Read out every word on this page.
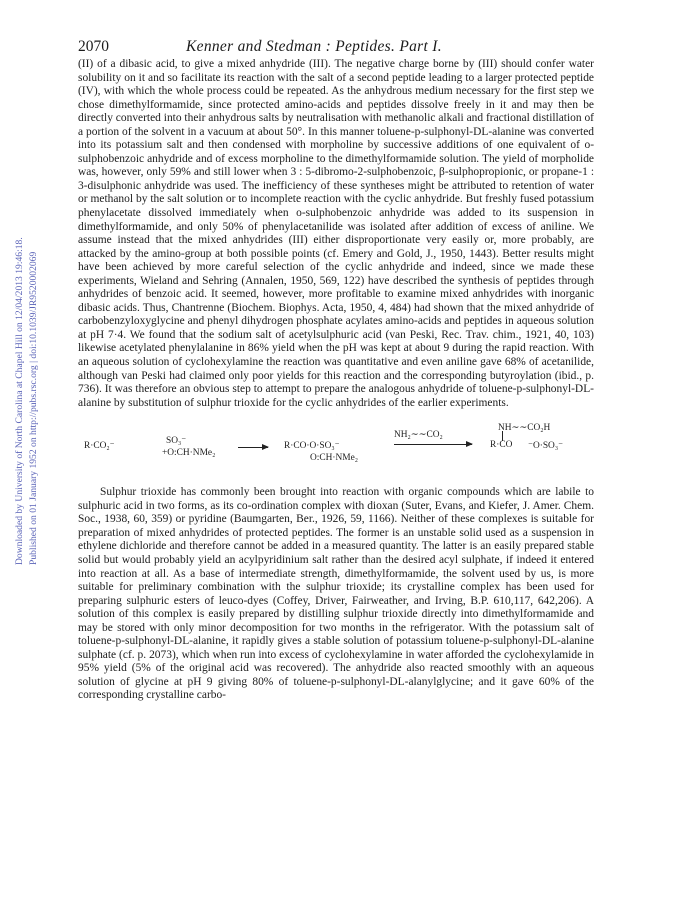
Downloaded by University of North Carolina at Chapel Hill on 12/04/2013 19:46:18. Published on 01 January 1952 on http://pubs.rsc.org | doi:10.1039/JR9520002069
2070	Kenner and Stedman : Peptides. Part I.

(II) of a dibasic acid, to give a mixed anhydride (III). The negative charge borne by (III) should confer water solubility on it and so facilitate its reaction with the salt of a second peptide leading to a larger protected peptide (IV), with which the whole process could be repeated. As the anhydrous medium necessary for the first step we chose dimethylformamide, since protected amino-acids and peptides dissolve freely in it and may then be directly converted into their anhydrous salts by neutralisation with methanolic alkali and fractional distillation of a portion of the solvent in a vacuum at about 50°. In this manner toluene-p-sulphonyl-DL-alanine was converted into its potassium salt and then condensed with morpholine by successive additions of one equivalent of o-sulphobenzoic anhydride and of excess morpholine to the dimethylformamide solution. The yield of morpholide was, however, only 59% and still lower when 3 : 5-dibromo-2-sulphobenzoic, β-sulphopropionic, or propane-1 : 3-disulphonic anhydride was used. The inefficiency of these syntheses might be attributed to retention of water or methanol by the salt solution or to incomplete reaction with the cyclic anhydride. But freshly fused potassium phenylacetate dissolved immediately when o-sulphobenzoic anhydride was added to its suspension in dimethylformamide, and only 50% of phenylacetanilide was isolated after addition of excess of aniline. We assume instead that the mixed anhydrides (III) either disproportionate very easily or, more probably, are attacked by the amino-group at both possible points (cf. Emery and Gold, J., 1950, 1443). Better results might have been achieved by more careful selection of the cyclic anhydride and indeed, since we made these experiments, Wieland and Sehring (Annalen, 1950, 569, 122) have described the synthesis of peptides through anhydrides of benzoic acid. It seemed, however, more profitable to examine mixed anhydrides with inorganic dibasic acids. Thus, Chantrenne (Biochem. Biophys. Acta, 1950, 4, 484) had shown that the mixed anhydride of carbobenzyloxyglycine and phenyl dihydrogen phosphate acylates amino-acids and peptides in aqueous solution at pH 7·4. We found that the sodium salt of acetylsulphuric acid (van Peski, Rec. Trav. chim., 1921, 40, 103) likewise acetylated phenylalanine in 86% yield when the pH was kept at about 9 during the rapid reaction. With an aqueous solution of cyclohexylamine the reaction was quantitative and even aniline gave 68% of acetanilide, although van Peski had claimed only poor yields for this reaction and the corresponding butyroylation (ibid., p. 736). It was therefore an obvious step to attempt to prepare the analogous anhydride of toluene-p-sulphonyl-DL-alanine by substitution of sulphur trioxide for the cyclic anhydrides of the earlier experiments.

R·CO₂⁻	SO₃⁻
+O:CH·NMe₂
R·CO·O·SO₃⁻
O:CH·NMe₂
NH₂∼∼CO₂
NH∼∼CO₂H
R·CO ⁻O·SO₃⁻

Sulphur trioxide has commonly been brought into reaction with organic compounds which are labile to sulphuric acid in two forms, as its co-ordination complex with dioxan (Suter, Evans, and Kiefer, J. Amer. Chem. Soc., 1938, 60, 359) or pyridine (Baumgarten, Ber., 1926, 59, 1166). Neither of these complexes is suitable for preparation of mixed anhydrides of protected peptides. The former is an unstable solid used as a suspension in ethylene dichloride and therefore cannot be added in a measured quantity. The latter is an easily prepared stable solid but would probably yield an acylpyridinium salt rather than the desired acyl sulphate, if indeed it entered into reaction at all. As a base of intermediate strength, dimethylformamide, the solvent used by us, is more suitable for preliminary combination with the sulphur trioxide; its crystalline complex has been used for preparing sulphuric esters of leuco-dyes (Coffey, Driver, Fairweather, and Irving, B.P. 610,117, 642,206). A solution of this complex is easily prepared by distilling sulphur trioxide directly into dimethylformamide and may be stored with only minor decomposition for two months in the refrigerator. With the potassium salt of toluene-p-sulphonyl-DL-alanine, it rapidly gives a stable solution of potassium toluene-p-sulphonyl-DL-alanine sulphate (cf. p. 2073), which when run into excess of cyclohexylamine in water afforded the cyclohexylamide in 95% yield (5% of the original acid was recovered). The anhydride also reacted smoothly with an aqueous solution of glycine at pH 9 giving 80% of toluene-p-sulphonyl-DL-alanylglycine; and it gave 60% of the corresponding crystalline carbo-
